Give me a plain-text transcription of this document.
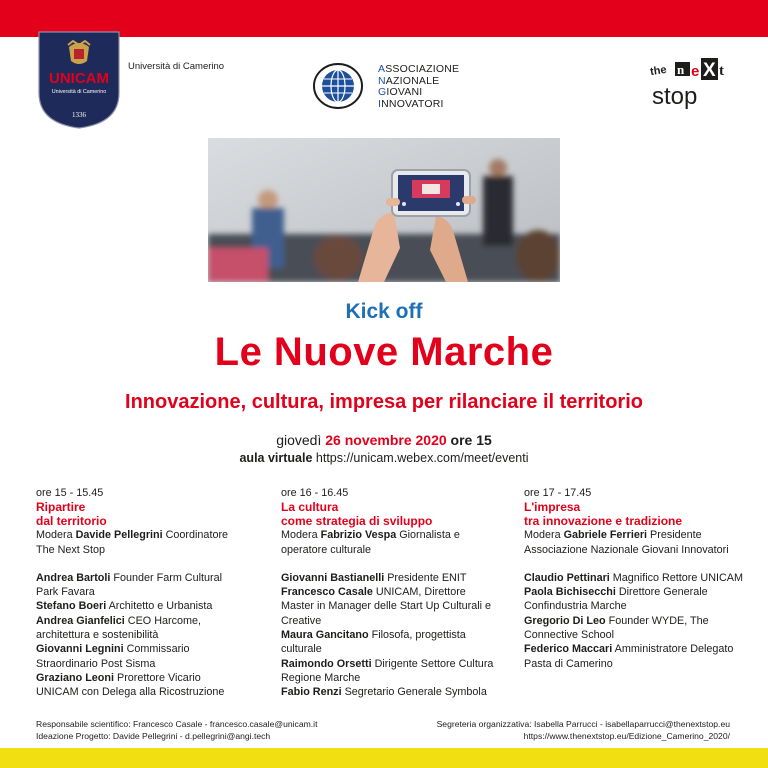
UNICAM
Università di Camerino
1336
Università di Camerino	ASSOCIAZIONE
NAZIONALE
GIOVANI
INNOVATORI
the n e X t
stop
Kick off
Le Nuove Marche
Innovazione, cultura, impresa per rilanciare il territorio
giovedì 26 novembre 2020 ore 15
aula virtuale https://unicam.webex.com/meet/eventi
ore 15 - 15.45
Ripartire
dal territorio
Modera Davide Pellegrini Coordinatore The Next Stop
Andrea Bartoli Founder Farm Cultural Park Favara
Stefano Boeri Architetto e Urbanista
Andrea Gianfelici CEO Harcome, architettura e sostenibilità
Giovanni Legnini Commissario Straordinario Post Sisma
Graziano Leoni Prorettore Vicario UNICAM con Delega alla Ricostruzione
ore 16 - 16.45
La cultura
come strategia di sviluppo
Modera Fabrizio Vespa Giornalista e operatore culturale
Giovanni Bastianelli Presidente ENIT
Francesco Casale UNICAM, Direttore Master in Manager delle Start Up Culturali e Creative
Maura Gancitano Filosofa, progettista culturale
Raimondo Orsetti Dirigente Settore Cultura Regione Marche
Fabio Renzi Segretario Generale Symbola
ore 17 - 17.45
L'impresa
tra innovazione e tradizione
Modera Gabriele Ferrieri Presidente Associazione Nazionale Giovani Innovatori
Claudio Pettinari Magnifico Rettore UNICAM
Paola Bichisecchi Direttore Generale Confindustria Marche
Gregorio Di Leo Founder WYDE, The Connective School
Federico Maccari Amministratore Delegato Pasta di Camerino
Responsabile scientifico: Francesco Casale - francesco.casale@unicam.it
Ideazione Progetto: Davide Pellegrini - d.pellegrini@angi.tech
Segreteria organizzativa: Isabella Parrucci - isabellaparrucci@thenextstop.eu
https://www.thenextstop.eu/Edizione_Camerino_2020/
